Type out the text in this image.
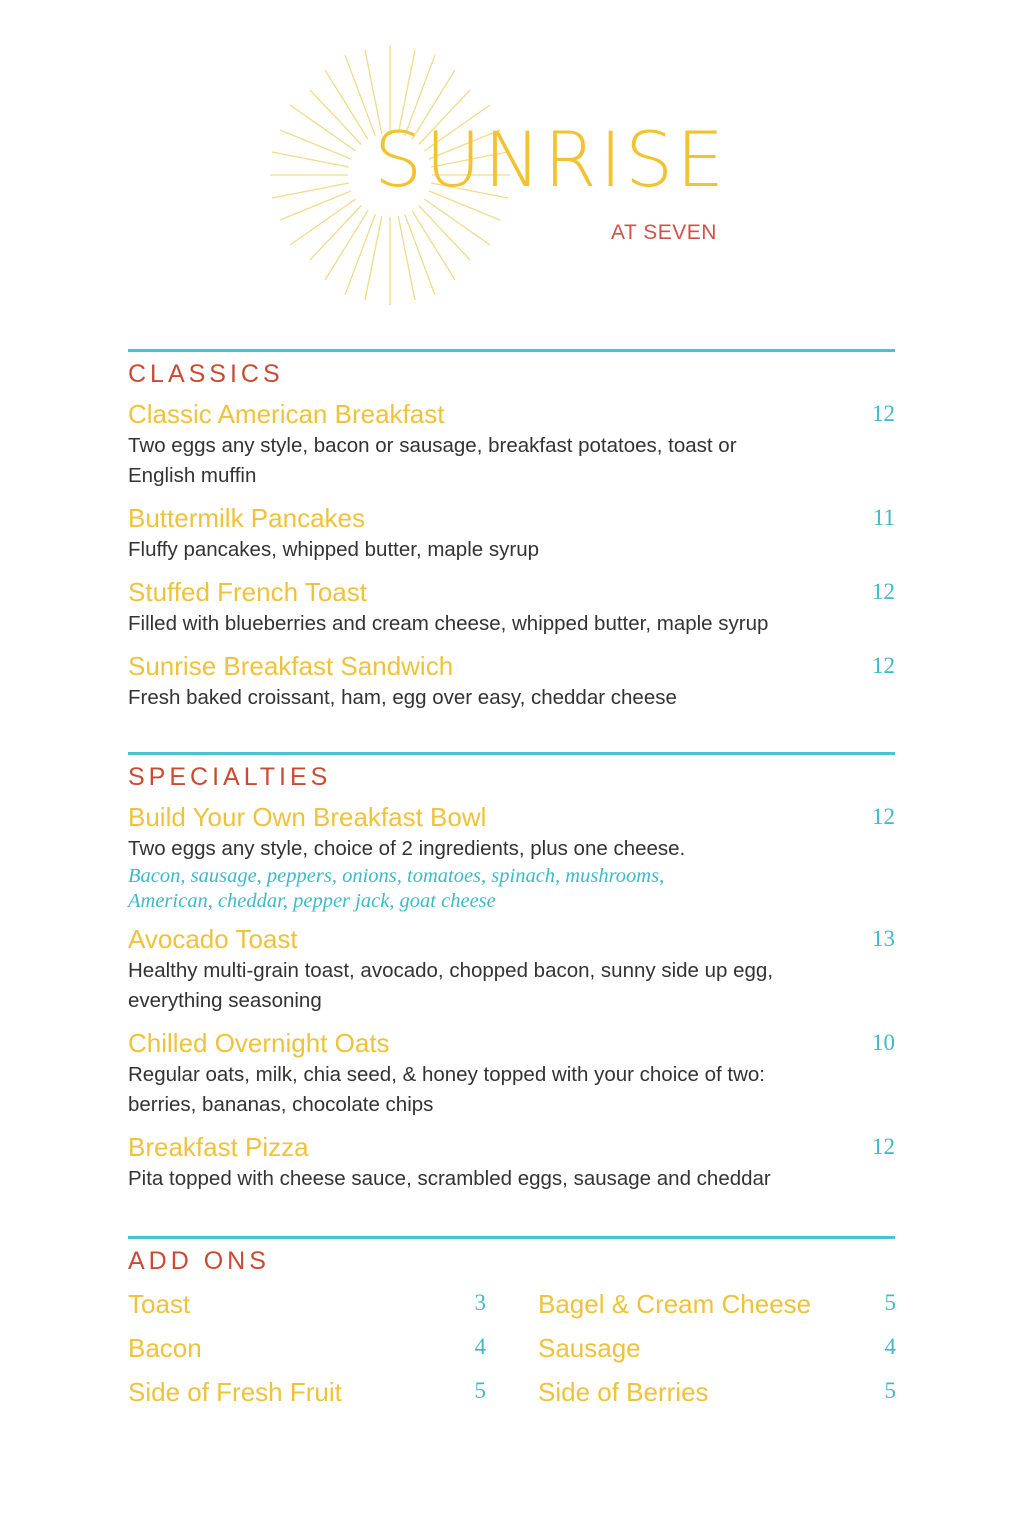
SUNRISE
AT SEVEN
CLASSICS
Classic American Breakfast	12
Two eggs any style, bacon or sausage, breakfast potatoes, toast or
English muffin
Buttermilk Pancakes	11
Fluffy pancakes, whipped butter, maple syrup
Stuffed French Toast	12
Filled with blueberries and cream cheese, whipped butter, maple syrup
Sunrise Breakfast Sandwich	12
Fresh baked croissant, ham, egg over easy, cheddar cheese
SPECIALTIES
Build Your Own Breakfast Bowl	12
Two eggs any style, choice of 2 ingredients, plus one cheese.
Bacon, sausage, peppers, onions, tomatoes, spinach, mushrooms,
American, cheddar, pepper jack, goat cheese
Avocado Toast	13
Healthy multi-grain toast, avocado, chopped bacon, sunny side up egg,
everything seasoning
Chilled Overnight Oats	10
Regular oats, milk, chia seed, & honey topped with your choice of two:
berries, bananas, chocolate chips
Breakfast Pizza	12
Pita topped with cheese sauce, scrambled eggs, sausage and cheddar
ADD ONS
Toast	3
Bacon	4
Side of Fresh Fruit	5
Bagel & Cream Cheese	5
Sausage	4
Side of Berries	5
